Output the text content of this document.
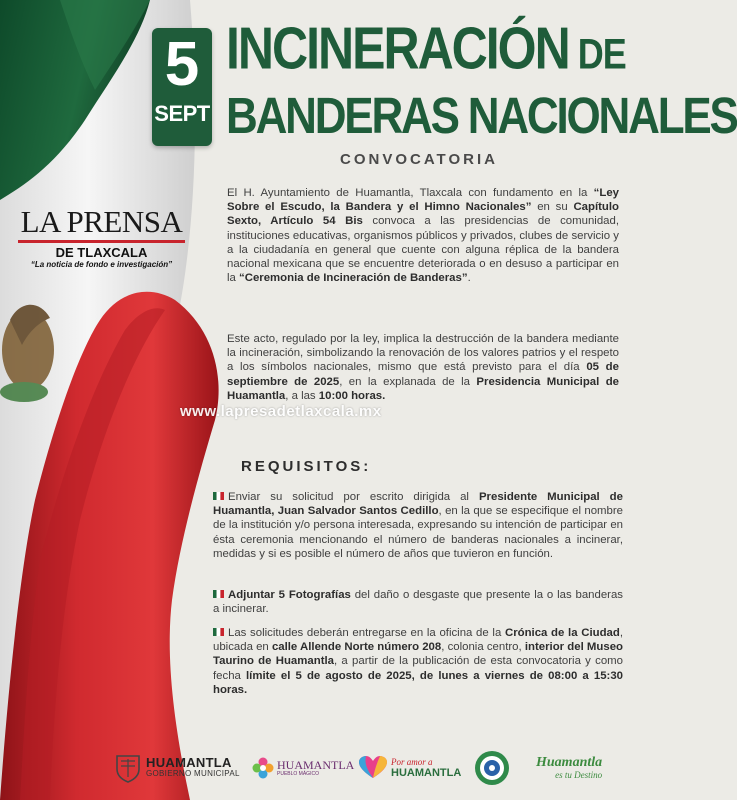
5
SEPT
INCINERACIÓN DE
BANDERAS NACIONALES
CONVOCATORIA
LA PRENSA
DE TLAXCALA
“La noticia de fondo e investigación”
El H. Ayuntamiento de Huamantla, Tlaxcala con fundamento en la “Ley Sobre el Escudo, la Bandera y el Himno Nacionales” en su Capítulo Sexto, Artículo 54 Bis convoca a las presidencias de comunidad, instituciones educativas, organismos públicos y privados, clubes de servicio y a la ciudadanía en general que cuente con alguna réplica de la bandera nacional mexicana que se encuentre deteriorada o en desuso a participar en la “Ceremonia de Incineración de Banderas”.
Este acto, regulado por la ley, implica la destrucción de la bandera mediante la incineración, simbolizando la renovación de los valores patrios y el respeto a los símbolos nacionales, mismo que está previsto para el día 05 de septiembre de 2025, en la explanada de la Presidencia Municipal de Huamantla, a las 10:00 horas.
www.lapresadetlaxcala.mx
REQUISITOS:
Enviar su solicitud por escrito dirigida al Presidente Municipal de Huamantla, Juan Salvador Santos Cedillo, en la que se especifique el nombre de la institución y/o persona interesada, expresando su intención de participar en ésta ceremonia mencionando el número de banderas nacionales a incinerar, medidas y si es posible el número de años que tuvieron en función.
Adjuntar 5 Fotografías del daño o desgaste que presente la o las banderas a incinerar.
Las solicitudes deberán entregarse en la oficina de la Crónica de la Ciudad, ubicada en calle Allende Norte número 208, colonia centro, interior del Museo Taurino de Huamantla, a partir de la publicación de esta convocatoria y como fecha límite el 5 de agosto de 2025, de lunes a viernes de 08:00 a 15:30 horas.
HUAMANTLA
GOBIERNO MUNICIPAL
HUAMANTLA
PUEBLO MÁGICO
Por amor a
HUAMANTLA
Huamantla
es tu Destino
